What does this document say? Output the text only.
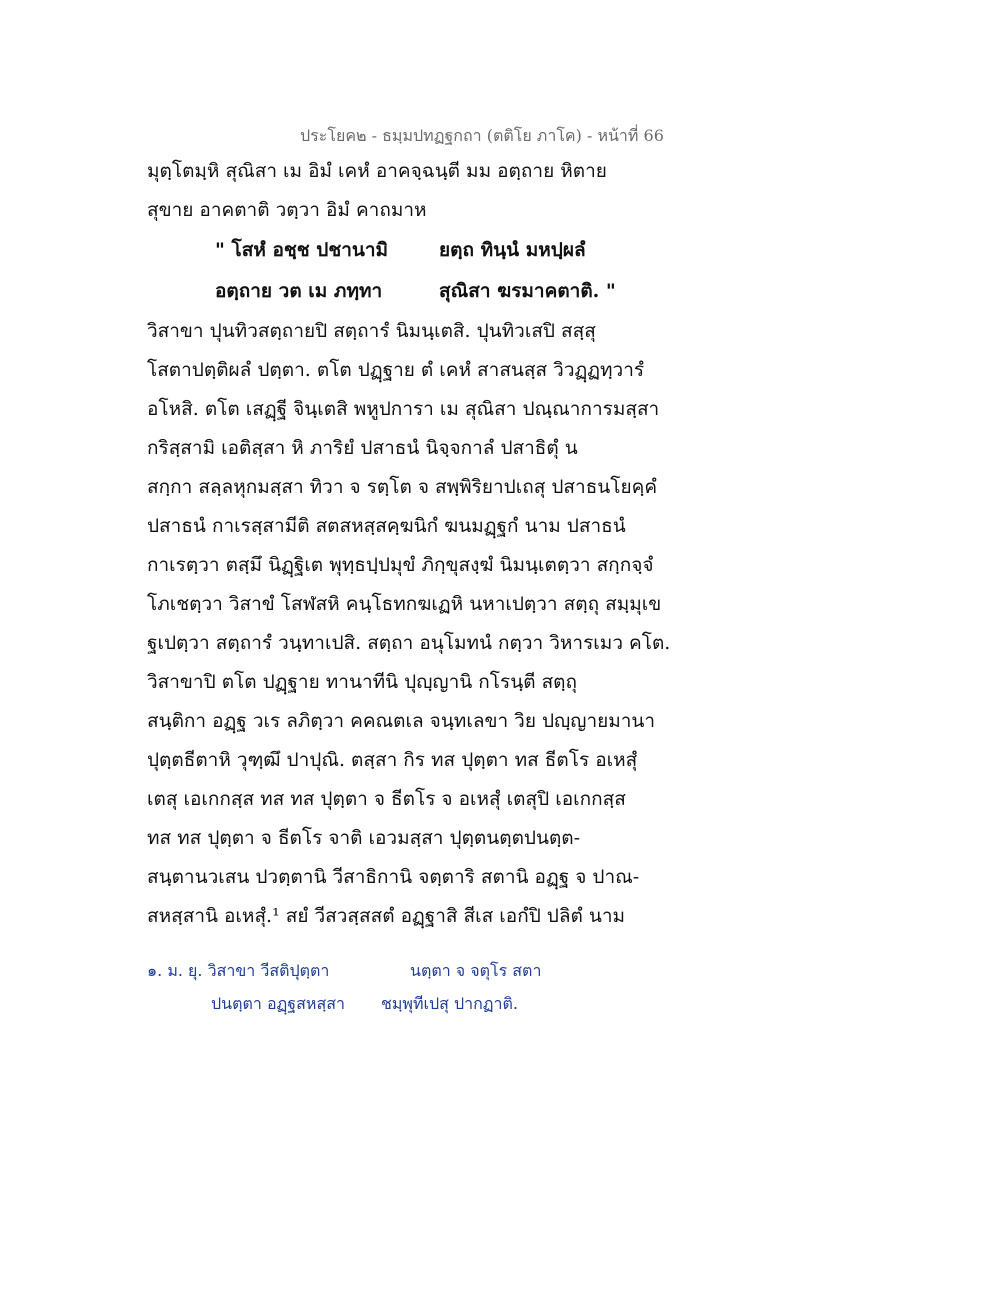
ประโยค๒ - ธมฺมปทฏฐกถา (ตติโย ภาโค) - หน้าที่ 66
มุตฺโตมฺหิ สุณิสา เม อิมํ เคหํ อาคจฺฉนฺตี มม อตฺถาย หิตาย
สุขาย อาคตาติ วตฺวา อิมํ คาถมาห
" โสหํ อชฺช ปชานามิ	ยตฺถ ทินฺนํ มหปฺผลํ
อตฺถาย วต เม ภทฺทา	สุณิสา ฆรมาคตาติ. "
วิสาขา ปุนทิวสตฺถายปิ สตฺถารํ นิมนฺเตสิ. ปุนทิวเสปิ สสฺสุ
โสตาปตฺติผลํ ปตฺตา. ตโต ปฏฺฐาย ตํ เคหํ สาสนสฺส วิวฏฺฏทฺวารํ
อโหสิ. ตโต เสฏฺฐี จินฺเตสิ พหูปการา เม สุณิสา ปณฺณาการมสฺสา
กริสฺสามิ เอติสฺสา หิ ภาริยํ ปสาธนํ นิจฺจกาลํ ปสาธิตุํ น
สกฺกา สลฺลหุกมสฺสา ทิวา จ รตฺโต จ สพฺพิริยาปเถสุ ปสาธนโยคฺคํ
ปสาธนํ กาเรสฺสามีติ สตสหสฺสคฺฆนิกํ ฆนมฏฺฐกํ นาม ปสาธนํ
กาเรตฺวา ตสฺมึ นิฏฺฐิเต พุทฺธปฺปมุขํ ภิกฺขุสงฺฆํ นิมนฺเตตฺวา สกฺกจฺจํ
โภเชตฺวา วิสาขํ โสฬสหิ คนฺโธทกฆเฏหิ นหาเปตฺวา สตฺถุ สมฺมุเข
ฐเปตฺวา สตฺถารํ วนฺทาเปสิ. สตฺถา อนุโมทนํ กตฺวา วิหารเมว คโต.
วิสาขาปิ ตโต ปฏฺฐาย ทานาทีนิ ปุญฺญานิ กโรนฺตี สตฺถุ
สนฺติกา อฏฺฐ วเร ลภิตฺวา คคณตเล จนฺทเลขา วิย ปญฺญายมานา
ปุตฺตธีตาหิ วุฑฺฒึ ปาปุณิ. ตสฺสา กิร ทส ปุตฺตา ทส ธีตโร อเหสุํ
เตสุ เอเกกสฺส ทส ทส ปุตฺตา จ ธีตโร จ อเหสุํ เตสุปิ เอเกกสฺส
ทส ทส ปุตฺตา จ ธีตโร จาติ เอวมสฺสา ปุตฺตนตฺตปนตฺต-
สนฺตานวเสน ปวตฺตานิ วีสาธิกานิ จตฺตาริ สตานิ อฏฺฐ จ ปาณ-
สหสฺสานิ อเหสุํ.¹ สยํ วีสวสฺสสตํ อฏฺฐาสิ สีเส เอกํปิ ปลิตํ นาม
๑. ม. ยุ. วิสาขา วีสติปุตฺตา	นตฺตา จ จตุโร สตา
ปนตฺตา อฏฺฐสหสฺสา ชมฺพุทีเปสุ ปากฏาติ.
